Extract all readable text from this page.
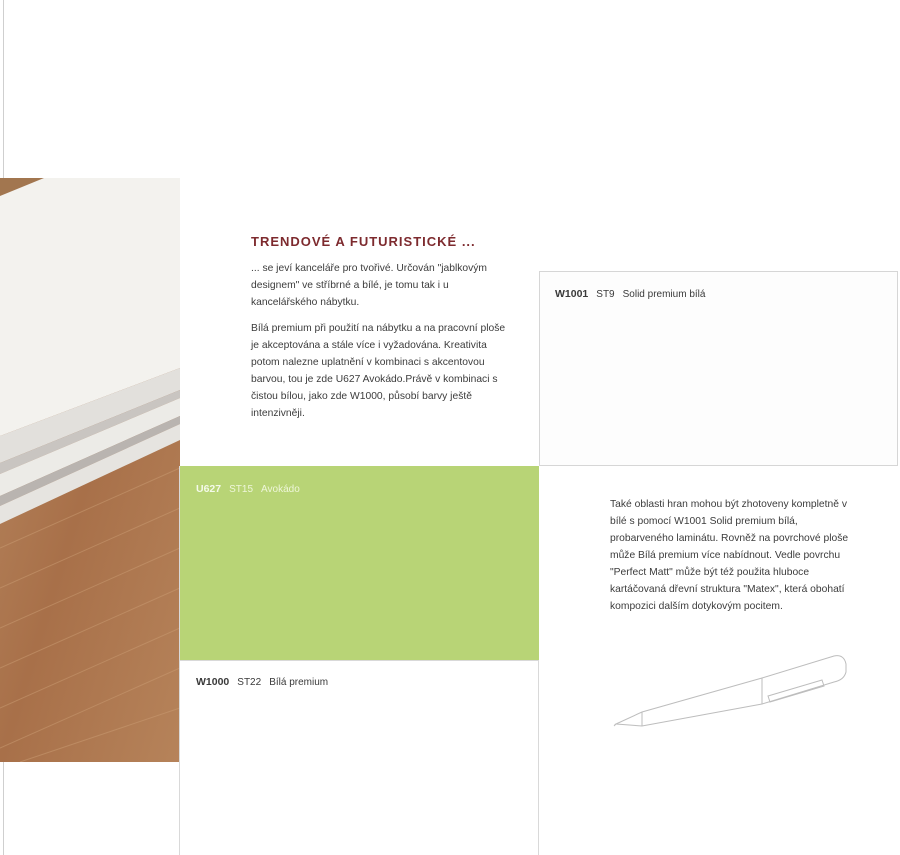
TRENDOVÉ A FUTURISTICKÉ ...

... se jeví kanceláře pro tvořivé. Určován "jablkovým designem" ve stříbrné a bílé, je tomu tak i u kancelářského nábytku.

Bílá premium při použití na nábytku a na pracovní ploše je akceptována a stále více i vyžadována. Kreativita potom nalezne uplatnění v kombinaci s akcentovou barvou, tou je zde U627 Avokádo.Právě v kombinaci s čistou bílou, jako zde W1000, působí barvy ještě intenzivněji.

W1001 ST9 Solid premium bílá
U627 ST15 Avokádo
W1000 ST22 Bílá premium

Také oblasti hran mohou být zhotoveny kompletně v bílé s pomocí W1001 Solid premium bílá, probarveného laminátu. Rovněž na povrchové ploše může Bílá premium více nabídnout. Vedle povrchu "Perfect Matt" může být též použita hluboce kartáčovaná dřevní struktura "Matex", která obohatí kompozici dalším dotykovým pocitem.
